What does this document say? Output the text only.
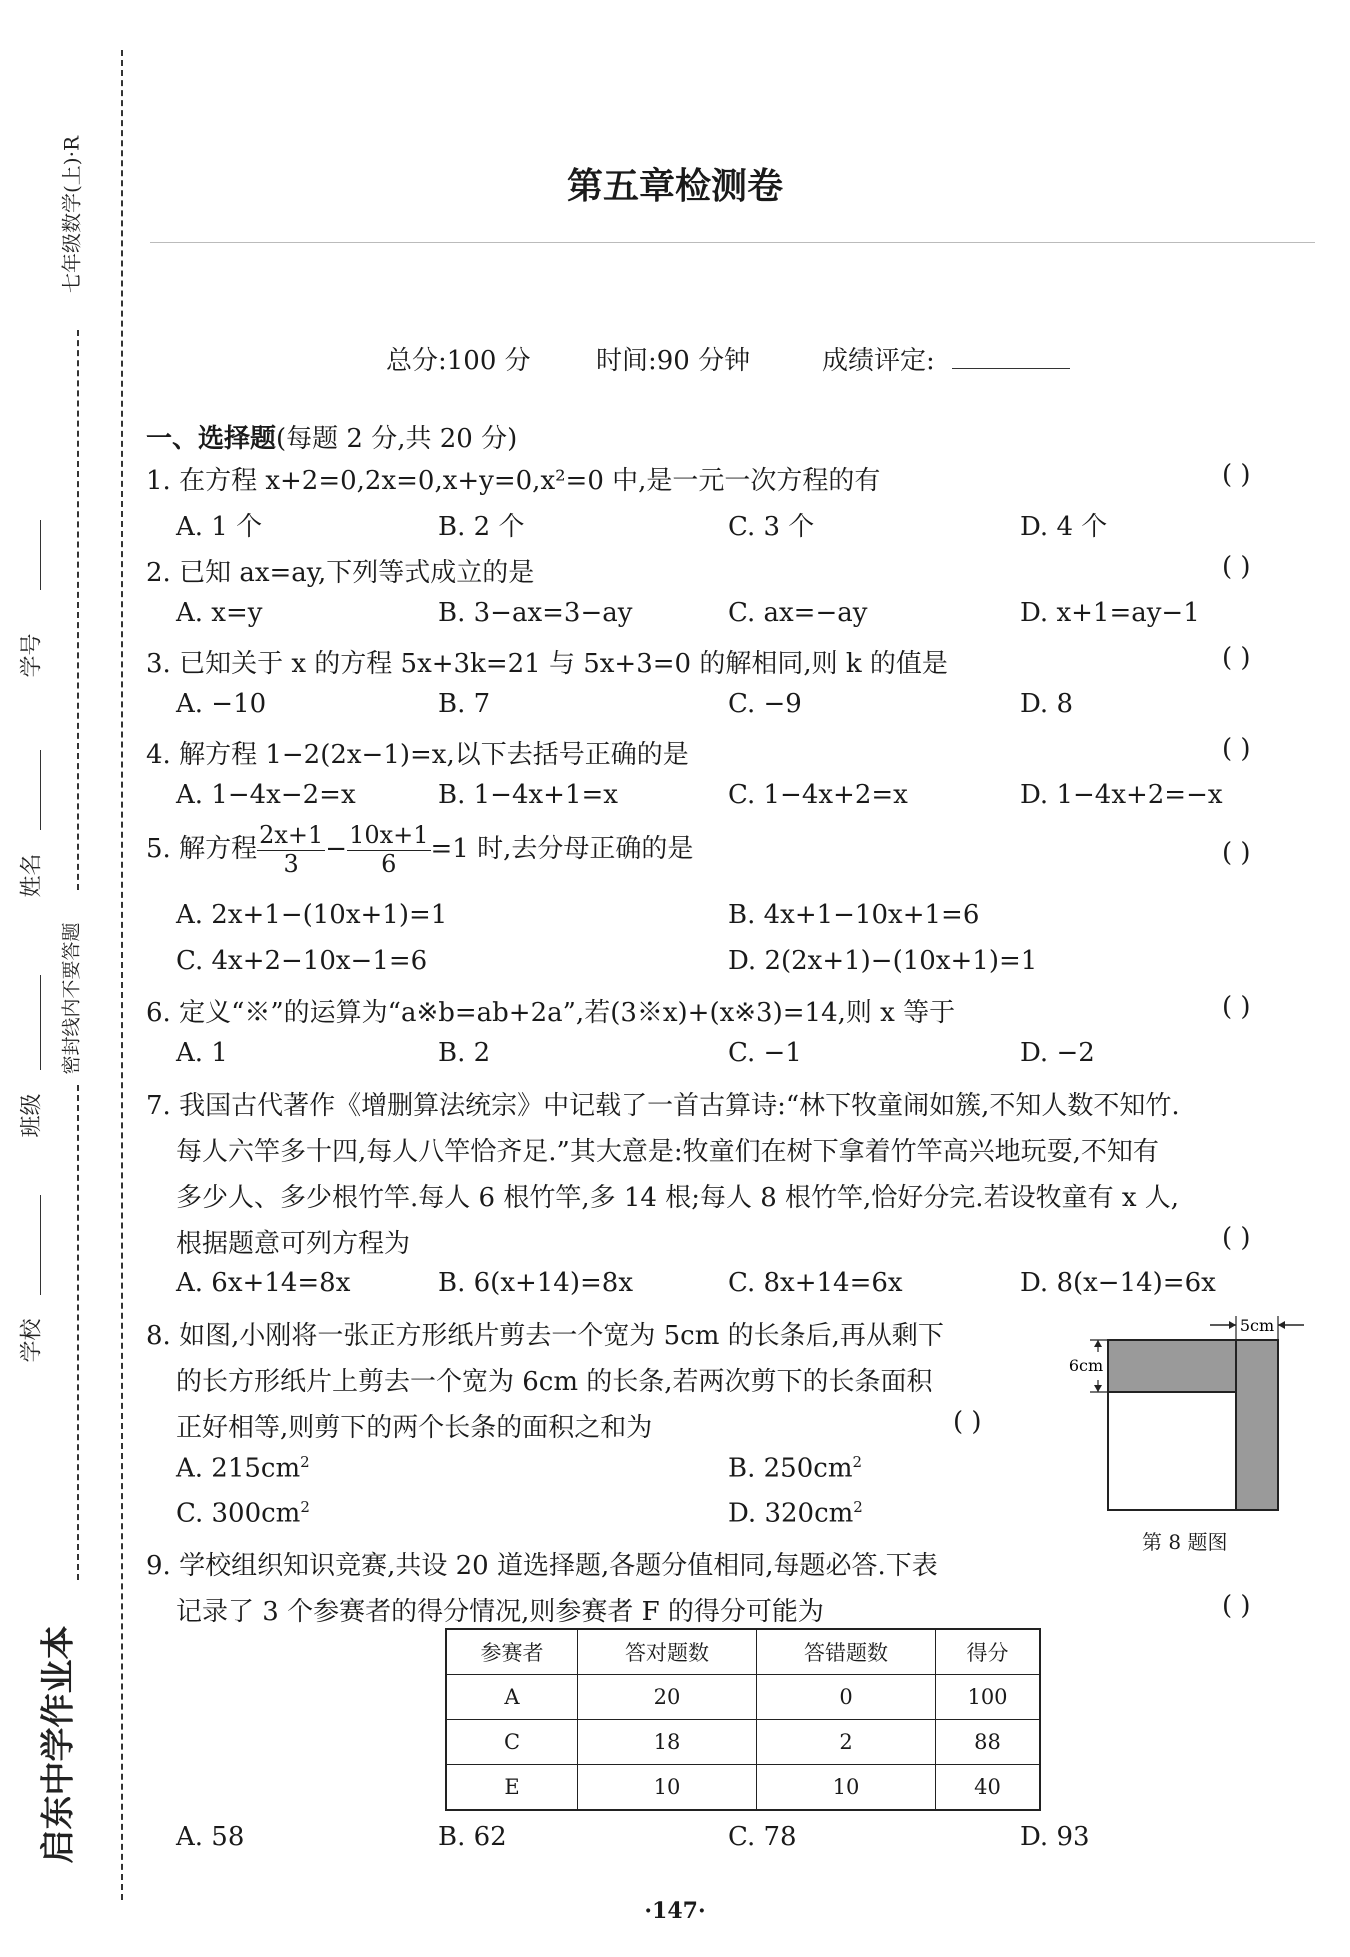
七年级数学(上)·R
密封线内不要答题
学号
姓名
班级
学校
启东中学作业本
第五章检测卷
总分:100 分	时间:90 分钟	成绩评定:
一、选择题(每题 2 分,共 20 分)
1. 在方程 x+2=0,2x=0,x+y=0,x²=0 中,是一元一次方程的有	( )
A. 1 个	B. 2 个	C. 3 个	D. 4 个
2. 已知 ax=ay,下列等式成立的是	( )
A. x=y	B. 3−ax=3−ay	C. ax=−ay	D. x+1=ay−1
3. 已知关于 x 的方程 5x+3k=21 与 5x+3=0 的解相同,则 k 的值是	( )
A. −10	B. 7	C. −9	D. 8
4. 解方程 1−2(2x−1)=x,以下去括号正确的是	( )
A. 1−4x−2=x	B. 1−4x+1=x	C. 1−4x+2=x	D. 1−4x+2=−x
5. 解方程 $\frac{2x+1}{3} - \frac{10x+1}{6} =1$ 时,去分母正确的是	( )
A. 2x+1−(10x+1)=1	B. 4x+1−10x+1=6
C. 4x+2−10x−1=6	D. 2(2x+1)−(10x+1)=1
6. 定义“※”的运算为“a※b=ab+2a”,若(3※x)+(x※3)=14,则 x 等于	( )
A. 1	B. 2	C. −1	D. −2
7. 我国古代著作《增删算法统宗》中记载了一首古算诗:“林下牧童闹如簇,不知人数不知竹.
每人六竿多十四,每人八竿恰齐足.”其大意是:牧童们在树下拿着竹竿高兴地玩耍,不知有
多少人、多少根竹竿.每人 6 根竹竿,多 14 根;每人 8 根竹竿,恰好分完.若设牧童有 x 人,
根据题意可列方程为	( )
A. 6x+14=8x	B. 6(x+14)=8x	C. 8x+14=6x	D. 8(x−14)=6x
8. 如图,小刚将一张正方形纸片剪去一个宽为 5cm 的长条后,再从剩下
的长方形纸片上剪去一个宽为 6cm 的长条,若两次剪下的长条面积
正好相等,则剪下的两个长条的面积之和为	( )
A. $215cm^2$	B. $250cm^2$
C. $300cm^2$	D. $320cm^2$
5cm
6cm
第 8 题图
9. 学校组织知识竞赛,共设 20 道选择题,各题分值相同,每题必答.下表
记录了 3 个参赛者的得分情况,则参赛者 F 的得分可能为	( )
参赛者	答对题数	答错题数	得分
A	20	0	100
C	18	2	88
E	10	10	40
A. 58	B. 62	C. 78	D. 93
·147·
